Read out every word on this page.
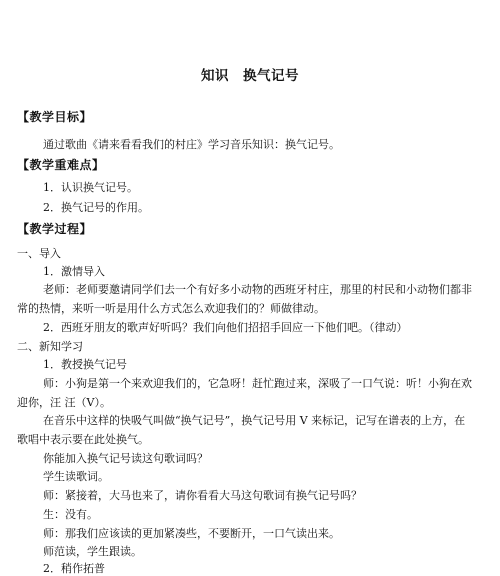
知识　换气记号
【教学目标】
通过歌曲《请来看看我们的村庄》学习音乐知识：换气记号。
【教学重难点】
1．认识换气记号。
2．换气记号的作用。
【教学过程】
一、导入
1．激情导入
老师：老师要邀请同学们去一个有好多小动物的西班牙村庄，那里的村民和小动物们都非
常的热情，来听一听是用什么方式怎么欢迎我们的？师做律动。
2．西班牙朋友的歌声好听吗？我们向他们招招手回应一下他们吧。（律动）
二、新知学习
1．教授换气记号
师：小狗是第一个来欢迎我们的，它急呀！赶忙跑过来，深吸了一口气说：听！小狗在欢
迎你，汪 汪（V）。
在音乐中这样的快吸气叫做“换气记号”，换气记号用 V 来标记，记写在谱表的上方，在
歌唱中表示要在此处换气。
你能加入换气记号读这句歌词吗？
学生读歌词。
师：紧接着，大马也来了，请你看看大马这句歌词有换气记号吗？
生：没有。
师：那我们应该读的更加紧凑些，不要断开，一口气读出来。
师范读，学生跟读。
2．稍作拓普
